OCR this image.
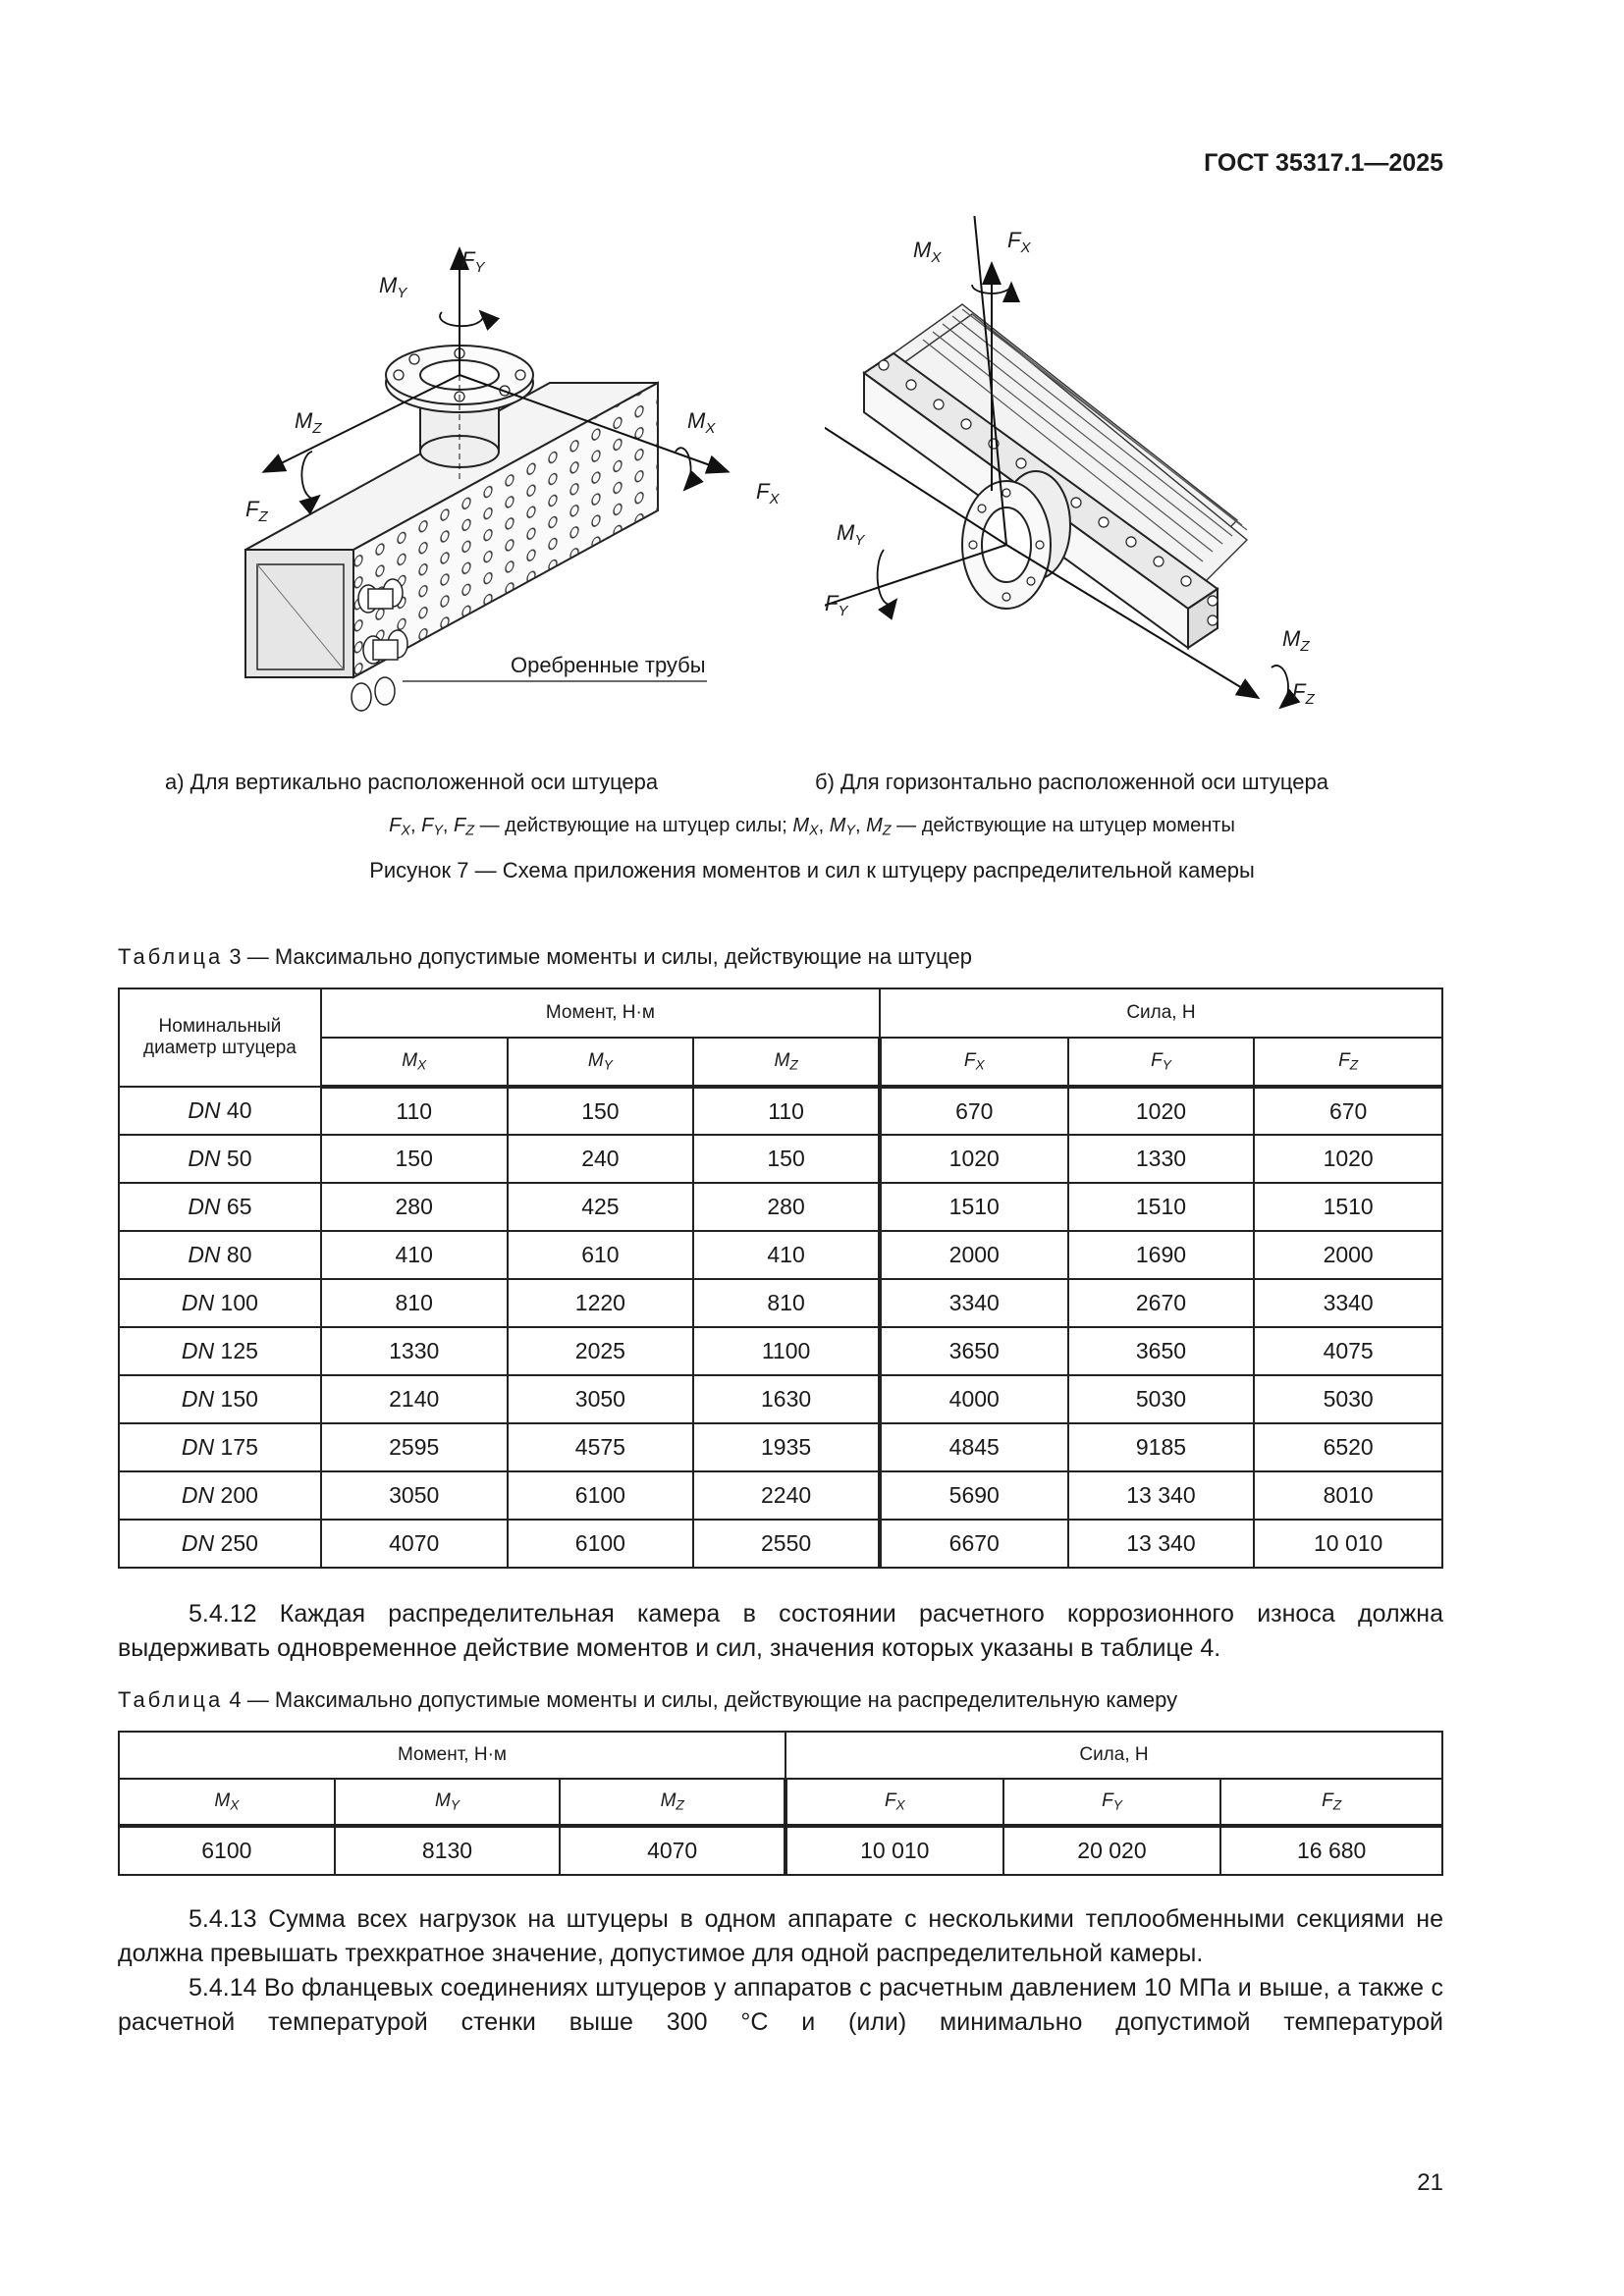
ГОСТ 35317.1—2025
$F_Y$
$M_Y$
$M_X$
$F_X$
$M_Z$
$F_Z$
Оребренные трубы
$F_X$
$M_X$
$M_Y$
$F_Y$
$M_Z$
$F_Z$
а) Для вертикально расположенной оси штуцера	б) Для горизонтально расположенной оси штуцера
$F_X$, $F_Y$, $F_Z$ — действующие на штуцер силы; $M_X$, $M_Y$, $M_Z$ — действующие на штуцер моменты
Рисунок 7 — Схема приложения моментов и сил к штуцеру распределительной камеры
Таблица 3 — Максимально допустимые моменты и силы, действующие на штуцер
Номинальный диаметр штуцера	Момент, Н·м			Сила, Н		
	$M_X$	$M_Y$	$M_Z$	$F_X$	$F_Y$	$F_Z$
DN 40	110	150	110	670	1020	670
DN 50	150	240	150	1020	1330	1020
DN 65	280	425	280	1510	1510	1510
DN 80	410	610	410	2000	1690	2000
DN 100	810	1220	810	3340	2670	3340
DN 125	1330	2025	1100	3650	3650	4075
DN 150	2140	3050	1630	4000	5030	5030
DN 175	2595	4575	1935	4845	9185	6520
DN 200	3050	6100	2240	5690	13 340	8010
DN 250	4070	6100	2550	6670	13 340	10 010

5.4.12 Каждая распределительная камера в состоянии расчетного коррозионного износа должна выдерживать одновременное действие моментов и сил, значения которых указаны в таблице 4.

Таблица 4 — Максимально допустимые моменты и силы, действующие на распределительную камеру
Момент, Н·м			Сила, Н		
$M_X$	$M_Y$	$M_Z$	$F_X$	$F_Y$	$F_Z$
6100	8130	4070	10 010	20 020	16 680

5.4.13 Сумма всех нагрузок на штуцеры в одном аппарате с несколькими теплообменными секциями не должна превышать трехкратное значение, допустимое для одной распределительной камеры.

5.4.14 Во фланцевых соединениях штуцеров у аппаратов с расчетным давлением 10 МПа и выше, а также с расчетной температурой стенки выше 300 °С и (или) минимально допустимой температурой

21
